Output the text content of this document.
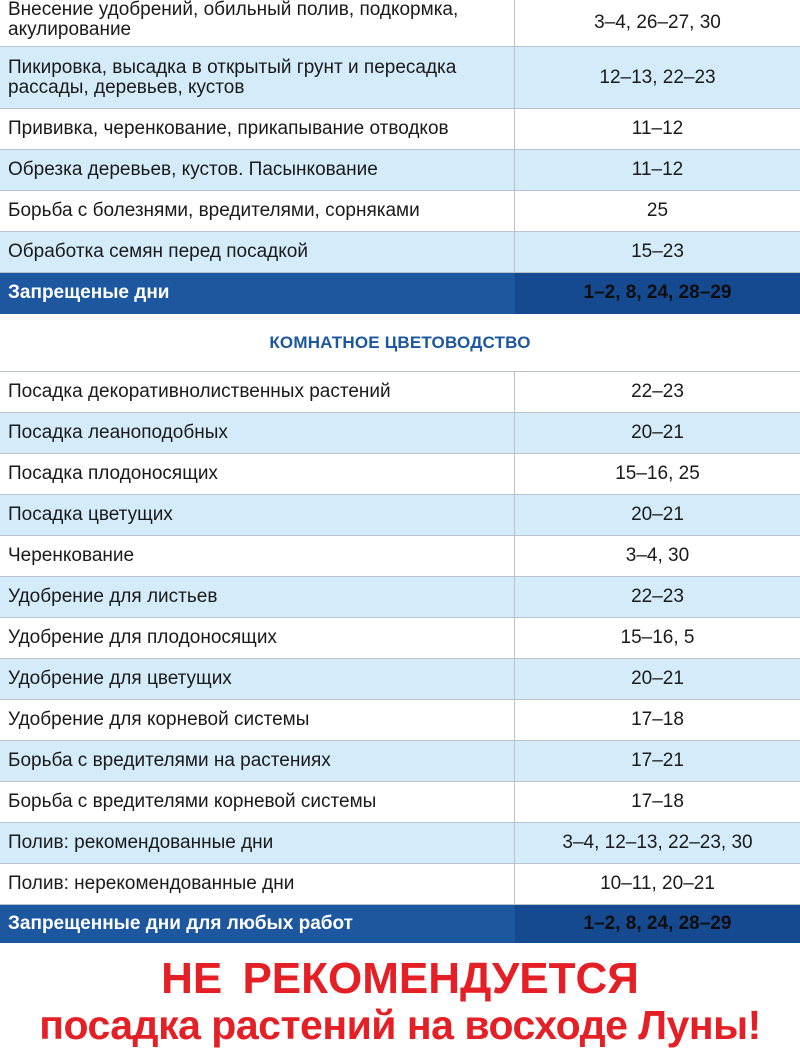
Внесение удобрений, обильный полив, подкормка, акулирование	3–4, 26–27, 30
Пикировка, высадка в открытый грунт и пересадка рассады, деревьев, кустов	12–13, 22–23
Прививка, черенкование, прикапывание отводков	11–12
Обрезка деревьев, кустов. Пасынкование	11–12
Борьба с болезнями, вредителями, сорняками	25
Обработка семян перед посадкой	15–23
Запрещеные дни	1–2, 8, 24, 28–29
КОМНАТНОЕ ЦВЕТОВОДСТВО
Посадка декоративнолиственных растений	22–23
Посадка леаноподобных	20–21
Посадка плодоносящих	15–16, 25
Посадка цветущих	20–21
Черенкование	3–4, 30
Удобрение для листьев	22–23
Удобрение для плодоносящих	15–16, 5
Удобрение для цветущих	20–21
Удобрение для корневой системы	17–18
Борьба с вредителями на растениях	17–21
Борьба с вредителями корневой системы	17–18
Полив: рекомендованные дни	3–4, 12–13, 22–23, 30
Полив: нерекомендованные дни	10–11, 20–21
Запрещенные дни для любых работ	1–2, 8, 24, 28–29
НЕ РЕКОМЕНДУЕТСЯ
посадка растений на восходе Луны!
